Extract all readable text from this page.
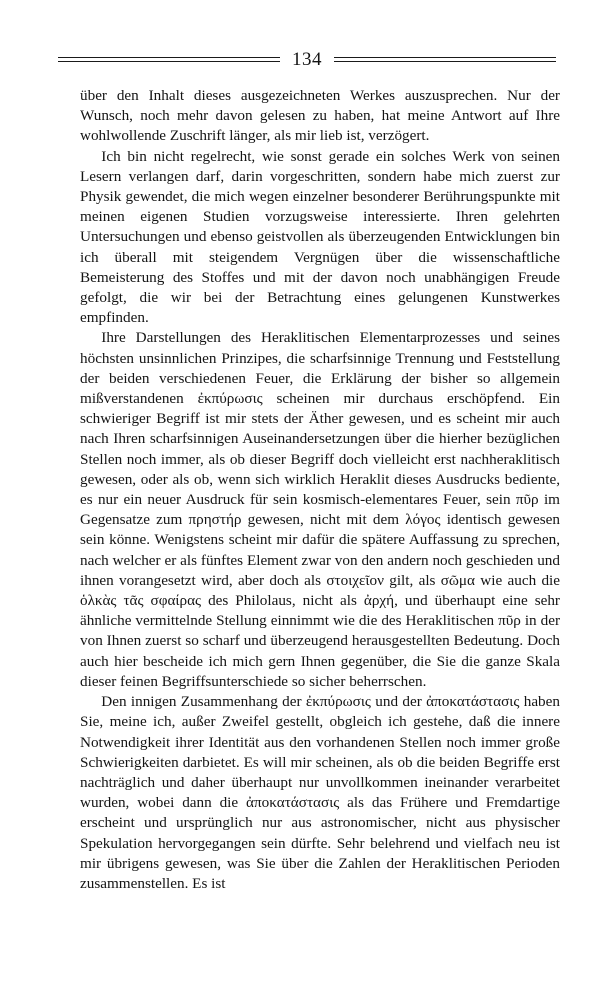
134

über den Inhalt dieses ausgezeichneten Werkes auszusprechen. Nur der Wunsch, noch mehr davon gelesen zu haben, hat meine Antwort auf Ihre wohlwollende Zuschrift länger, als mir lieb ist, verzögert.

Ich bin nicht regelrecht, wie sonst gerade ein solches Werk von seinen Lesern verlangen darf, darin vorgeschritten, sondern habe mich zuerst zur Physik gewendet, die mich wegen einzelner besonderer Berührungspunkte mit meinen eigenen Studien vorzugsweise interessierte. Ihren gelehrten Untersuchungen und ebenso geistvollen als überzeugenden Entwicklungen bin ich überall mit steigendem Vergnügen über die wissenschaftliche Bemeisterung des Stoffes und mit der davon noch unabhängigen Freude gefolgt, die wir bei der Betrachtung eines gelungenen Kunstwerkes empfinden.

Ihre Darstellungen des Heraklitischen Elementarprozesses und seines höchsten unsinnlichen Prinzipes, die scharfsinnige Trennung und Feststellung der beiden verschiedenen Feuer, die Erklärung der bisher so allgemein mißverstandenen ἐκπύρωσις scheinen mir durchaus erschöpfend. Ein schwieriger Begriff ist mir stets der Äther gewesen, und es scheint mir auch nach Ihren scharfsinnigen Auseinandersetzungen über die hierher bezüglichen Stellen noch immer, als ob dieser Begriff doch vielleicht erst nachheraklitisch gewesen, oder als ob, wenn sich wirklich Heraklit dieses Ausdrucks bediente, es nur ein neuer Ausdruck für sein kosmisch-elementares Feuer, sein πῦρ im Gegensatze zum πρηστήρ gewesen, nicht mit dem λόγος identisch gewesen sein könne. Wenigstens scheint mir dafür die spätere Auffassung zu sprechen, nach welcher er als fünftes Element zwar von den andern noch geschieden und ihnen vorangesetzt wird, aber doch als στοιχεῖον gilt, als σῶμα wie auch die ὁλκὰς τᾶς σφαίρας des Philolaus, nicht als ἀρχή, und überhaupt eine sehr ähnliche vermittelnde Stellung einnimmt wie die des Heraklitischen πῦρ in der von Ihnen zuerst so scharf und überzeugend herausgestellten Bedeutung. Doch auch hier bescheide ich mich gern Ihnen gegenüber, die Sie die ganze Skala dieser feinen Begriffsunterschiede so sicher beherrschen.

Den innigen Zusammenhang der ἐκπύρωσις und der ἀποκατάστασις haben Sie, meine ich, außer Zweifel gestellt, obgleich ich gestehe, daß die innere Notwendigkeit ihrer Identität aus den vorhandenen Stellen noch immer große Schwierigkeiten darbietet. Es will mir scheinen, als ob die beiden Begriffe erst nachträglich und daher überhaupt nur unvollkommen ineinander verarbeitet wurden, wobei dann die ἀποκατάστασις als das Frühere und Fremdartige erscheint und ursprünglich nur aus astronomischer, nicht aus physischer Spekulation hervorgegangen sein dürfte. Sehr belehrend und vielfach neu ist mir übrigens gewesen, was Sie über die Zahlen der Heraklitischen Perioden zusammenstellen. Es ist
